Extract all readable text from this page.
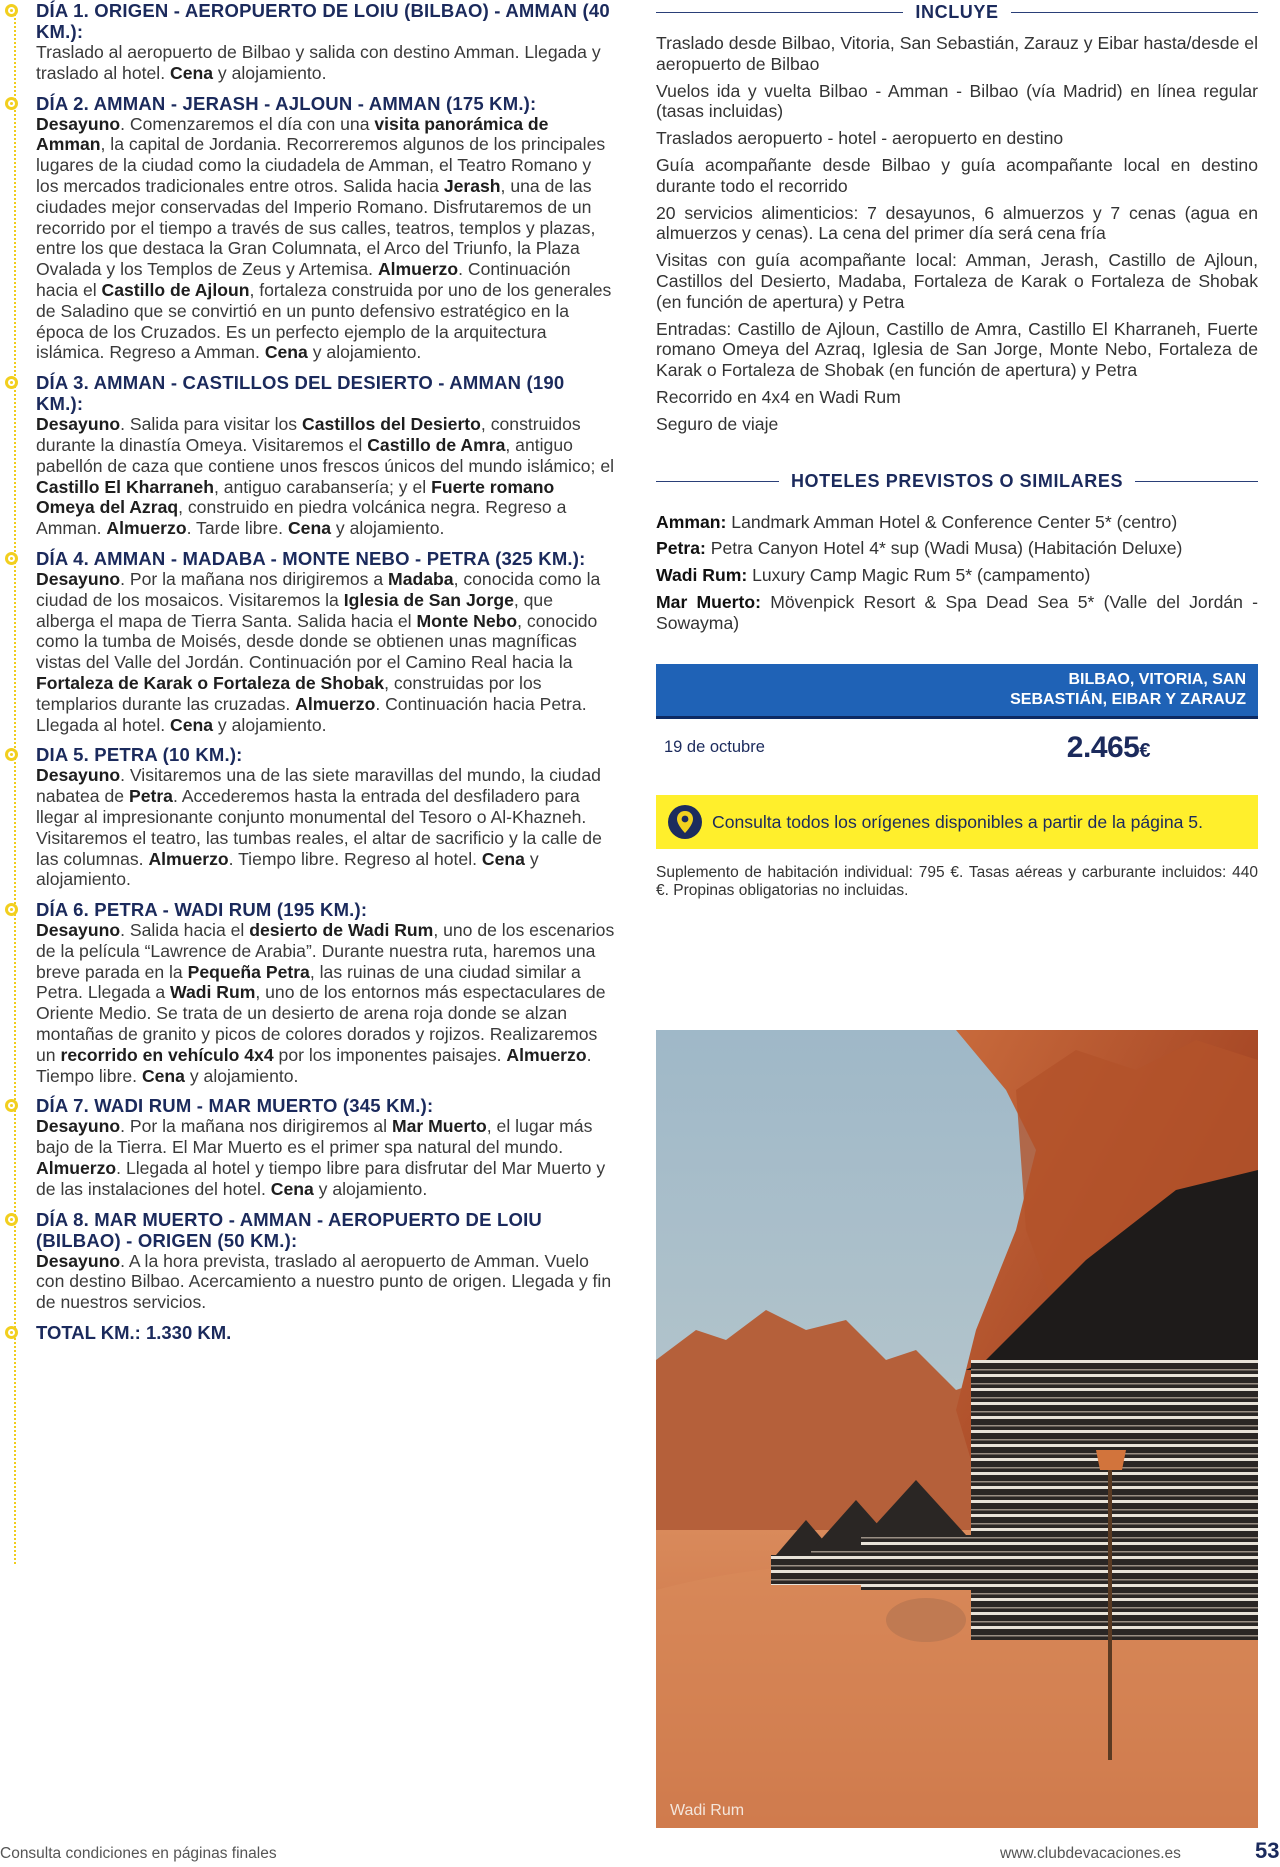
DÍA 1. ORIGEN - AEROPUERTO DE LOIU (BILBAO) - AMMAN (40 KM.):
Traslado al aeropuerto de Bilbao y salida con destino Amman. Llegada y traslado al hotel. Cena y alojamiento.
DÍA 2. AMMAN - JERASH - AJLOUN - AMMAN (175 KM.):
Desayuno. Comenzaremos el día con una visita panorámica de Amman, la capital de Jordania. Recorreremos algunos de los principales lugares de la ciudad como la ciudadela de Amman, el Teatro Romano y los mercados tradicionales entre otros. Salida hacia Jerash, una de las ciudades mejor conservadas del Imperio Romano. Disfrutaremos de un recorrido por el tiempo a través de sus calles, teatros, templos y plazas, entre los que destaca la Gran Columnata, el Arco del Triunfo, la Plaza Ovalada y los Templos de Zeus y Artemisa. Almuerzo. Continuación hacia el Castillo de Ajloun, fortaleza construida por uno de los generales de Saladino que se convirtió en un punto defensivo estratégico en la época de los Cruzados. Es un perfecto ejemplo de la arquitectura islámica. Regreso a Amman. Cena y alojamiento.
DÍA 3. AMMAN - CASTILLOS DEL DESIERTO - AMMAN (190 KM.):
Desayuno. Salida para visitar los Castillos del Desierto, construidos durante la dinastía Omeya. Visitaremos el Castillo de Amra, antiguo pabellón de caza que contiene unos frescos únicos del mundo islámico; el Castillo El Kharraneh, antiguo carabansería; y el Fuerte romano Omeya del Azraq, construido en piedra volcánica negra. Regreso a Amman. Almuerzo. Tarde libre. Cena y alojamiento.
DÍA 4. AMMAN - MADABA - MONTE NEBO - PETRA (325 KM.):
Desayuno. Por la mañana nos dirigiremos a Madaba, conocida como la ciudad de los mosaicos. Visitaremos la Iglesia de San Jorge, que alberga el mapa de Tierra Santa. Salida hacia el Monte Nebo, conocido como la tumba de Moisés, desde donde se obtienen unas magníficas vistas del Valle del Jordán. Continuación por el Camino Real hacia la Fortaleza de Karak o Fortaleza de Shobak, construidas por los templarios durante las cruzadas. Almuerzo. Continuación hacia Petra. Llegada al hotel. Cena y alojamiento.
DIA 5. PETRA (10 KM.):
Desayuno. Visitaremos una de las siete maravillas del mundo, la ciudad nabatea de Petra. Accederemos hasta la entrada del desfiladero para llegar al impresionante conjunto monumental del Tesoro o Al-Khazneh. Visitaremos el teatro, las tumbas reales, el altar de sacrificio y la calle de las columnas. Almuerzo. Tiempo libre. Regreso al hotel. Cena y alojamiento.
DÍA 6. PETRA - WADI RUM (195 KM.):
Desayuno. Salida hacia el desierto de Wadi Rum, uno de los escenarios de la película “Lawrence de Arabia”. Durante nuestra ruta, haremos una breve parada en la Pequeña Petra, las ruinas de una ciudad similar a Petra. Llegada a Wadi Rum, uno de los entornos más espectaculares de Oriente Medio. Se trata de un desierto de arena roja donde se alzan montañas de granito y picos de colores dorados y rojizos. Realizaremos un recorrido en vehículo 4x4 por los imponentes paisajes. Almuerzo. Tiempo libre. Cena y alojamiento.
DÍA 7. WADI RUM - MAR MUERTO (345 KM.):
Desayuno. Por la mañana nos dirigiremos al Mar Muerto, el lugar más bajo de la Tierra. El Mar Muerto es el primer spa natural del mundo. Almuerzo. Llegada al hotel y tiempo libre para disfrutar del Mar Muerto y de las instalaciones del hotel. Cena y alojamiento.
DÍA 8. MAR MUERTO - AMMAN - AEROPUERTO DE LOIU (BILBAO) - ORIGEN (50 KM.):
Desayuno. A la hora prevista, traslado al aeropuerto de Amman. Vuelo con destino Bilbao. Acercamiento a nuestro punto de origen. Llegada y fin de nuestros servicios.
TOTAL KM.: 1.330 KM.
INCLUYE
Traslado desde Bilbao, Vitoria, San Sebastián, Zarauz y Eibar hasta/desde el aeropuerto de Bilbao
Vuelos ida y vuelta Bilbao - Amman - Bilbao (vía Madrid) en línea regular (tasas incluidas)
Traslados aeropuerto - hotel - aeropuerto en destino
Guía acompañante desde Bilbao y guía acompañante local en destino durante todo el recorrido
20 servicios alimenticios: 7 desayunos, 6 almuerzos y 7 cenas (agua en almuerzos y cenas). La cena del primer día será cena fría
Visitas con guía acompañante local: Amman, Jerash, Castillo de Ajloun, Castillos del Desierto, Madaba, Fortaleza de Karak o Fortaleza de Shobak (en función de apertura) y Petra
Entradas: Castillo de Ajloun, Castillo de Amra, Castillo El Kharraneh, Fuerte romano Omeya del Azraq, Iglesia de San Jorge, Monte Nebo, Fortaleza de Karak o Fortaleza de Shobak (en función de apertura) y Petra
Recorrido en 4x4 en Wadi Rum
Seguro de viaje
HOTELES PREVISTOS O SIMILARES
Amman: Landmark Amman Hotel & Conference Center 5* (centro)
Petra: Petra Canyon Hotel 4* sup (Wadi Musa) (Habitación Deluxe)
Wadi Rum: Luxury Camp Magic Rum 5* (campamento)
Mar Muerto: Mövenpick Resort & Spa Dead Sea 5* (Valle del Jordán - Sowayma)
BILBAO, VITORIA, SAN SEBASTIÁN, EIBAR Y ZARAUZ
19 de octubre	2.465€
Consulta todos los orígenes disponibles a partir de la página 5.
Suplemento de habitación individual: 795 €. Tasas aéreas y carburante incluidos: 440 €. Propinas obligatorias no incluidas.
Wadi Rum
Consulta condiciones en páginas finales	www.clubdevacaciones.es	53
